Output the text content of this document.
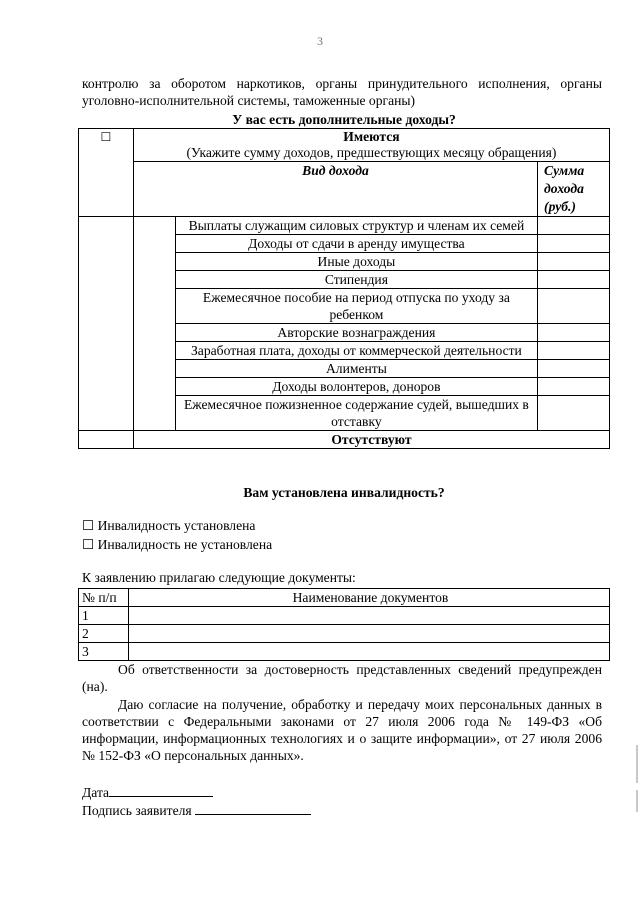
3
контролю за оборотом наркотиков, органы принудительного исполнения, органы уголовно-исполнительной системы, таможенные органы)
У вас есть дополнительные доходы?
☐	Имеются
(Укажите сумму доходов, предшествующих месяцу обращения)		

	Вид дохода		Сумма дохода (руб.)
		Выплаты служащим силовых структур и членам их семей	
		Доходы от сдачи в аренду имущества	
		Иные доходы	
		Стипендия	
		Ежемесячное пособие на период отпуска по уходу за ребенком	
		Авторские вознаграждения	
		Заработная плата, доходы от коммерческой деятельности	
		Алименты	
		Доходы волонтеров, доноров	
		Ежемесячное пожизненное содержание судей, вышедших в отставку	
	Отсутствуют		
Вам установлена инвалидность?
☐ Инвалидность установлена
☐ Инвалидность не установлена
К заявлению прилагаю следующие документы:
№ п/п	Наименование документов
1	
2	
3	
Об ответственности за достоверность представленных сведений предупрежден (на).
Даю согласие на получение, обработку и передачу моих персональных данных в соответствии с Федеральными законами от 27 июля 2006 года № 149-ФЗ «Об информации, информационных технологиях и о защите информации», от 27 июля 2006 № 152-ФЗ «О персональных данных».
Дата
Подпись заявителя
